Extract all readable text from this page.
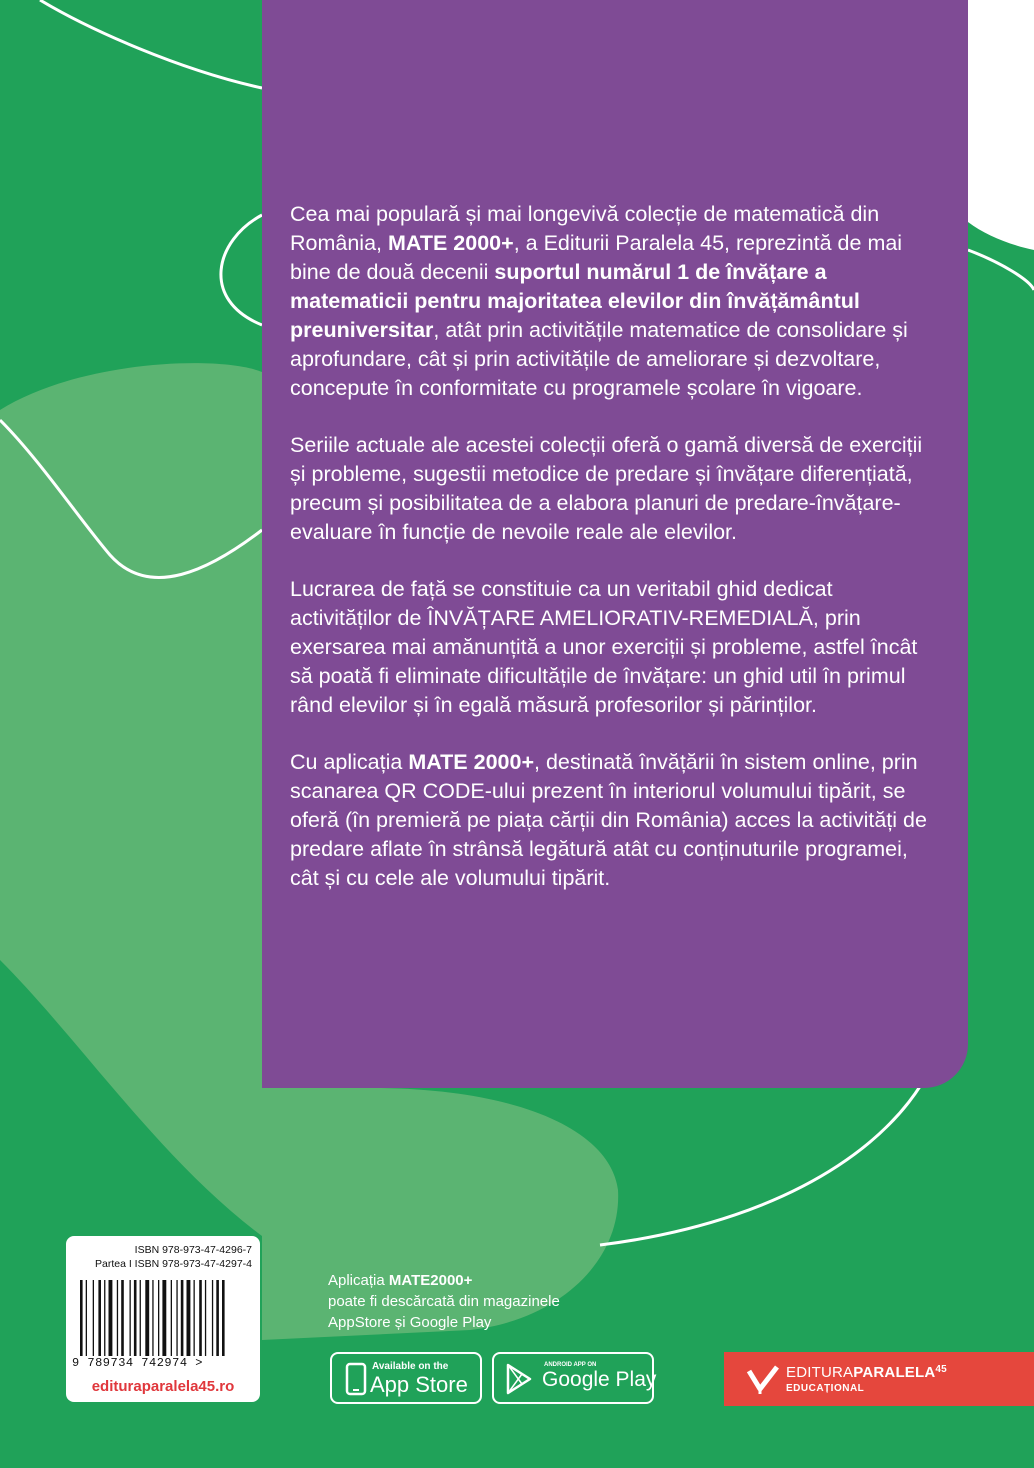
Cea mai populară și mai longevivă colecție de matematică din România, MATE 2000+, a Editurii Paralela 45, reprezintă de mai bine de două decenii suportul numărul 1 de învățare a matematicii pentru majoritatea elevilor din învățământul preuniversitar, atât prin activitățile matematice de consolidare și aprofundare, cât și prin activitățile de ameliorare și dezvoltare, concepute în conformitate cu programele școlare în vigoare.

Seriile actuale ale acestei colecții oferă o gamă diversă de exerciții și probleme, sugestii metodice de predare și învățare diferențiată, precum și posibilitatea de a elabora planuri de predare-învățare-evaluare în funcție de nevoile reale ale elevilor.

Lucrarea de față se constituie ca un veritabil ghid dedicat activităților de ÎNVĂȚARE AMELIORATIV-REMEDIALĂ, prin exersarea mai amănunțită a unor exerciții și probleme, astfel încât să poată fi eliminate dificultățile de învățare: un ghid util în primul rând elevilor și în egală măsură profesorilor și părinților.

Cu aplicația MATE 2000+, destinată învățării în sistem online, prin scanarea QR CODE-ului prezent în interiorul volumului tipărit, se oferă (în premieră pe piața cărții din România) acces la activități de predare aflate în strânsă legătură atât cu conținuturile programei, cât și cu cele ale volumului tipărit.

ISBN 978-973-47-4296-7
Partea I ISBN 978-973-47-4297-4
9 789734 742974 >
edituraparalela45.ro
Aplicația MATE2000+
poate fi descărcată din magazinele
AppStore și Google Play
Available on the
App Store
ANDROID APP ON
Google Play	EDITURAPARALELA$^{45}$
EDUCAȚIONAL
